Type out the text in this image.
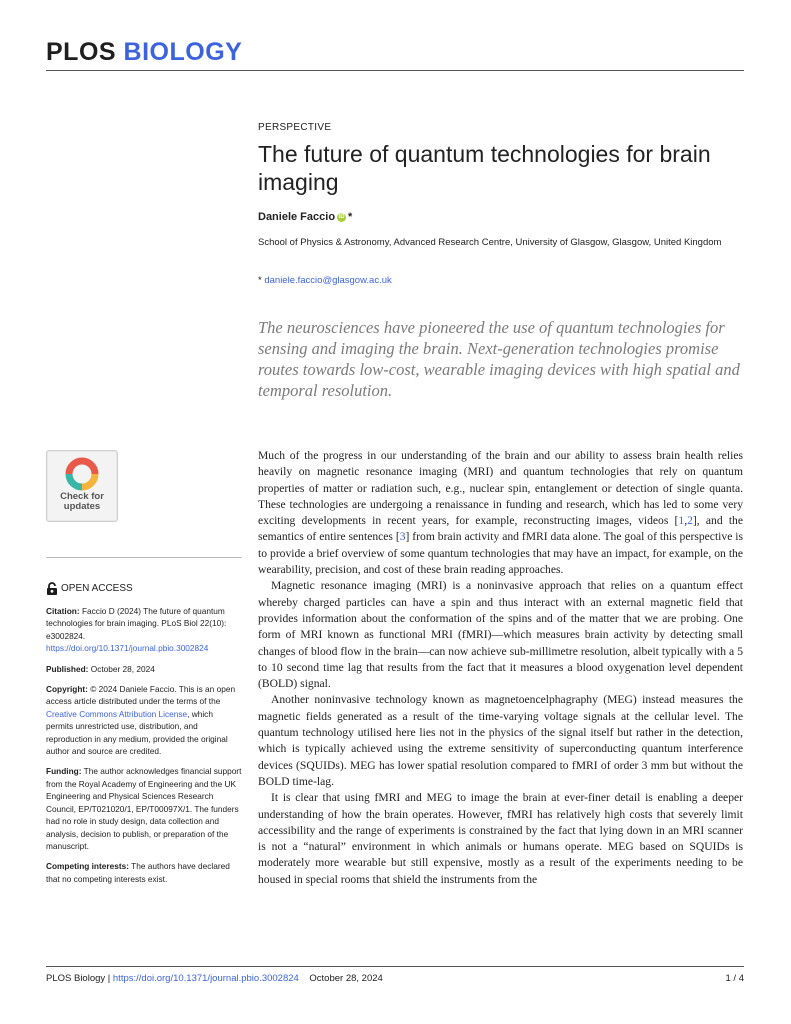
PLOS BIOLOGY
PERSPECTIVE
The future of quantum technologies for brain imaging
Daniele Faccio iD *
School of Physics & Astronomy, Advanced Research Centre, University of Glasgow, Glasgow, United Kingdom
* daniele.faccio@glasgow.ac.uk
The neurosciences have pioneered the use of quantum technologies for sensing and imaging the brain. Next-generation technologies promise routes towards low-cost, wearable imaging devices with high spatial and temporal resolution.
Check for updates
OPEN ACCESS

Citation: Faccio D (2024) The future of quantum technologies for brain imaging. PLoS Biol 22(10): e3002824. https://doi.org/10.1371/journal.pbio.3002824

Published: October 28, 2024

Copyright: © 2024 Daniele Faccio. This is an open access article distributed under the terms of the Creative Commons Attribution License, which permits unrestricted use, distribution, and reproduction in any medium, provided the original author and source are credited.

Funding: The author acknowledges financial support from the Royal Academy of Engineering and the UK Engineering and Physical Sciences Research Council, EP/T021020/1, EP/T00097X/1. The funders had no role in study design, data collection and analysis, decision to publish, or preparation of the manuscript.

Competing interests: The authors have declared that no competing interests exist.

Much of the progress in our understanding of the brain and our ability to assess brain health relies heavily on magnetic resonance imaging (MRI) and quantum technologies that rely on quantum properties of matter or radiation such, e.g., nuclear spin, entanglement or detection of single quanta. These technologies are undergoing a renaissance in funding and research, which has led to some very exciting developments in recent years, for example, reconstructing images, videos [1,2], and the semantics of entire sentences [3] from brain activity and fMRI data alone. The goal of this perspective is to provide a brief overview of some quantum technologies that may have an impact, for example, on the wearability, precision, and cost of these brain reading approaches.

Magnetic resonance imaging (MRI) is a noninvasive approach that relies on a quantum effect whereby charged particles can have a spin and thus interact with an external magnetic field that provides information about the conformation of the spins and of the matter that we are probing. One form of MRI known as functional MRI (fMRI)—which measures brain activity by detecting small changes of blood flow in the brain—can now achieve sub-millimetre resolution, albeit typically with a 5 to 10 second time lag that results from the fact that it measures a blood oxygenation level dependent (BOLD) signal.

Another noninvasive technology known as magnetoencelphagraphy (MEG) instead measures the magnetic fields generated as a result of the time-varying voltage signals at the cellular level. The quantum technology utilised here lies not in the physics of the signal itself but rather in the detection, which is typically achieved using the extreme sensitivity of superconducting quantum interference devices (SQUIDs). MEG has lower spatial resolution compared to fMRI of order 3 mm but without the BOLD time-lag.

It is clear that using fMRI and MEG to image the brain at ever-finer detail is enabling a deeper understanding of how the brain operates. However, fMRI has relatively high costs that severely limit accessibility and the range of experiments is constrained by the fact that lying down in an MRI scanner is not a “natural” environment in which animals or humans operate. MEG based on SQUIDs is moderately more wearable but still expensive, mostly as a result of the experiments needing to be housed in special rooms that shield the instruments from the

PLOS Biology | https://doi.org/10.1371/journal.pbio.3002824 October 28, 2024	1 / 4
